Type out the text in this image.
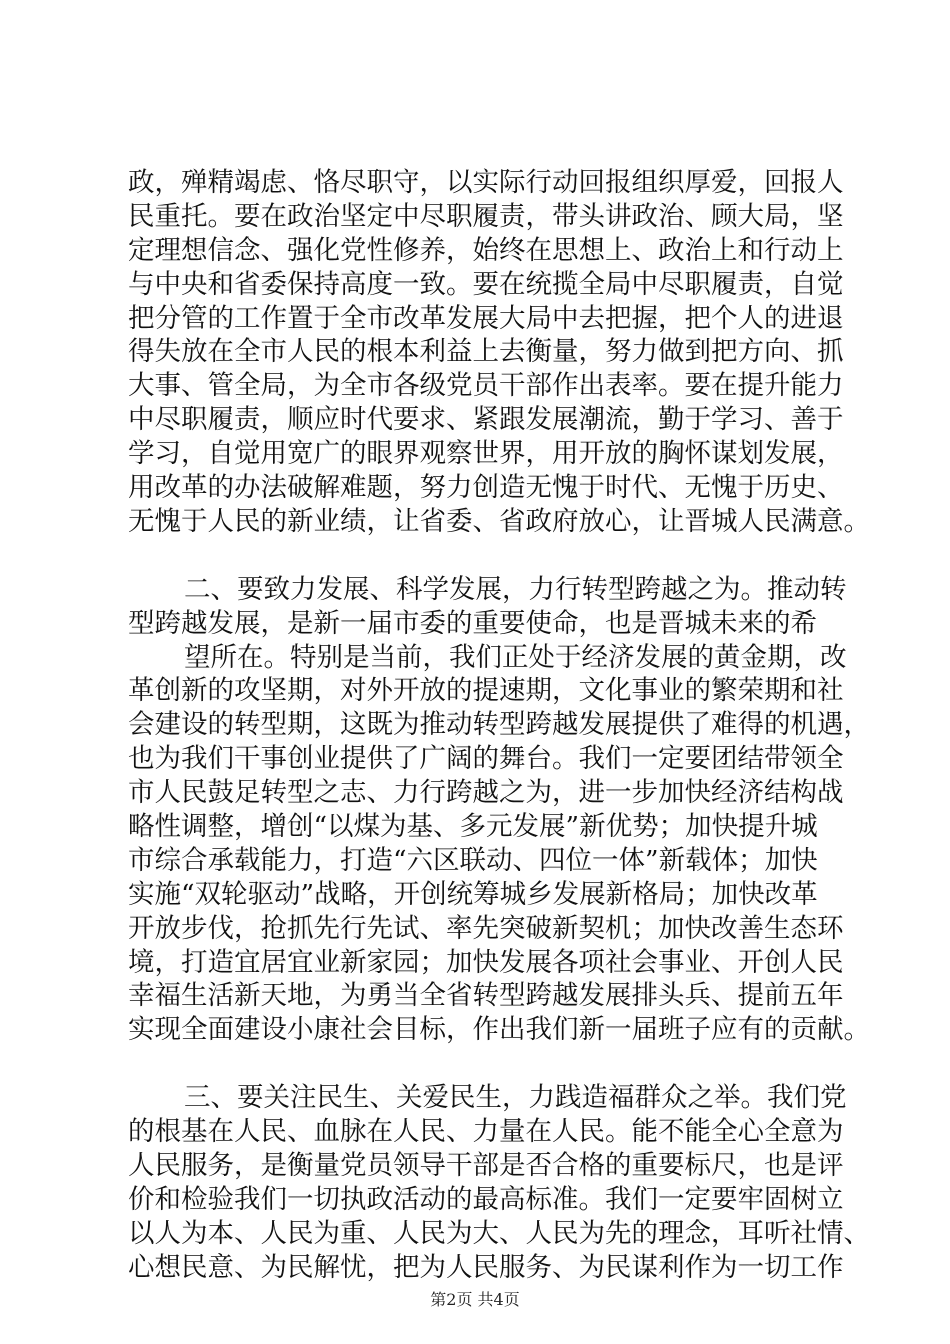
政，殚精竭虑、恪尽职守，以实际行动回报组织厚爱，回报人
民重托。要在政治坚定中尽职履责，带头讲政治、顾大局，坚
定理想信念、强化党性修养，始终在思想上、政治上和行动上
与中央和省委保持高度一致。要在统揽全局中尽职履责，自觉
把分管的工作置于全市改革发展大局中去把握，把个人的进退
得失放在全市人民的根本利益上去衡量，努力做到把方向、抓
大事、管全局，为全市各级党员干部作出表率。要在提升能力
中尽职履责，顺应时代要求、紧跟发展潮流，勤于学习、善于
学习，自觉用宽广的眼界观察世界，用开放的胸怀谋划发展，
用改革的办法破解难题，努力创造无愧于时代、无愧于历史、
无愧于人民的新业绩，让省委、省政府放心，让晋城人民满意。
二、要致力发展、科学发展，力行转型跨越之为。推动转
型跨越发展，是新一届市委的重要使命，也是晋城未来的希
望所在。特别是当前，我们正处于经济发展的黄金期，改
革创新的攻坚期，对外开放的提速期，文化事业的繁荣期和社
会建设的转型期，这既为推动转型跨越发展提供了难得的机遇，
也为我们干事创业提供了广阔的舞台。我们一定要团结带领全
市人民鼓足转型之志、力行跨越之为，进一步加快经济结构战
略性调整，增创“以煤为基、多元发展”新优势；加快提升城
市综合承载能力，打造“六区联动、四位一体”新载体；加快
实施“双轮驱动”战略，开创统筹城乡发展新格局；加快改革
开放步伐，抢抓先行先试、率先突破新契机；加快改善生态环
境，打造宜居宜业新家园；加快发展各项社会事业、开创人民
幸福生活新天地，为勇当全省转型跨越发展排头兵、提前五年
实现全面建设小康社会目标，作出我们新一届班子应有的贡献。
三、要关注民生、关爱民生，力践造福群众之举。我们党
的根基在人民、血脉在人民、力量在人民。能不能全心全意为
人民服务，是衡量党员领导干部是否合格的重要标尺，也是评
价和检验我们一切执政活动的最高标准。我们一定要牢固树立
以人为本、人民为重、人民为大、人民为先的理念，耳听社情、
心想民意、为民解忧，把为人民服务、为民谋利作为一切工作
第2页 共4页
